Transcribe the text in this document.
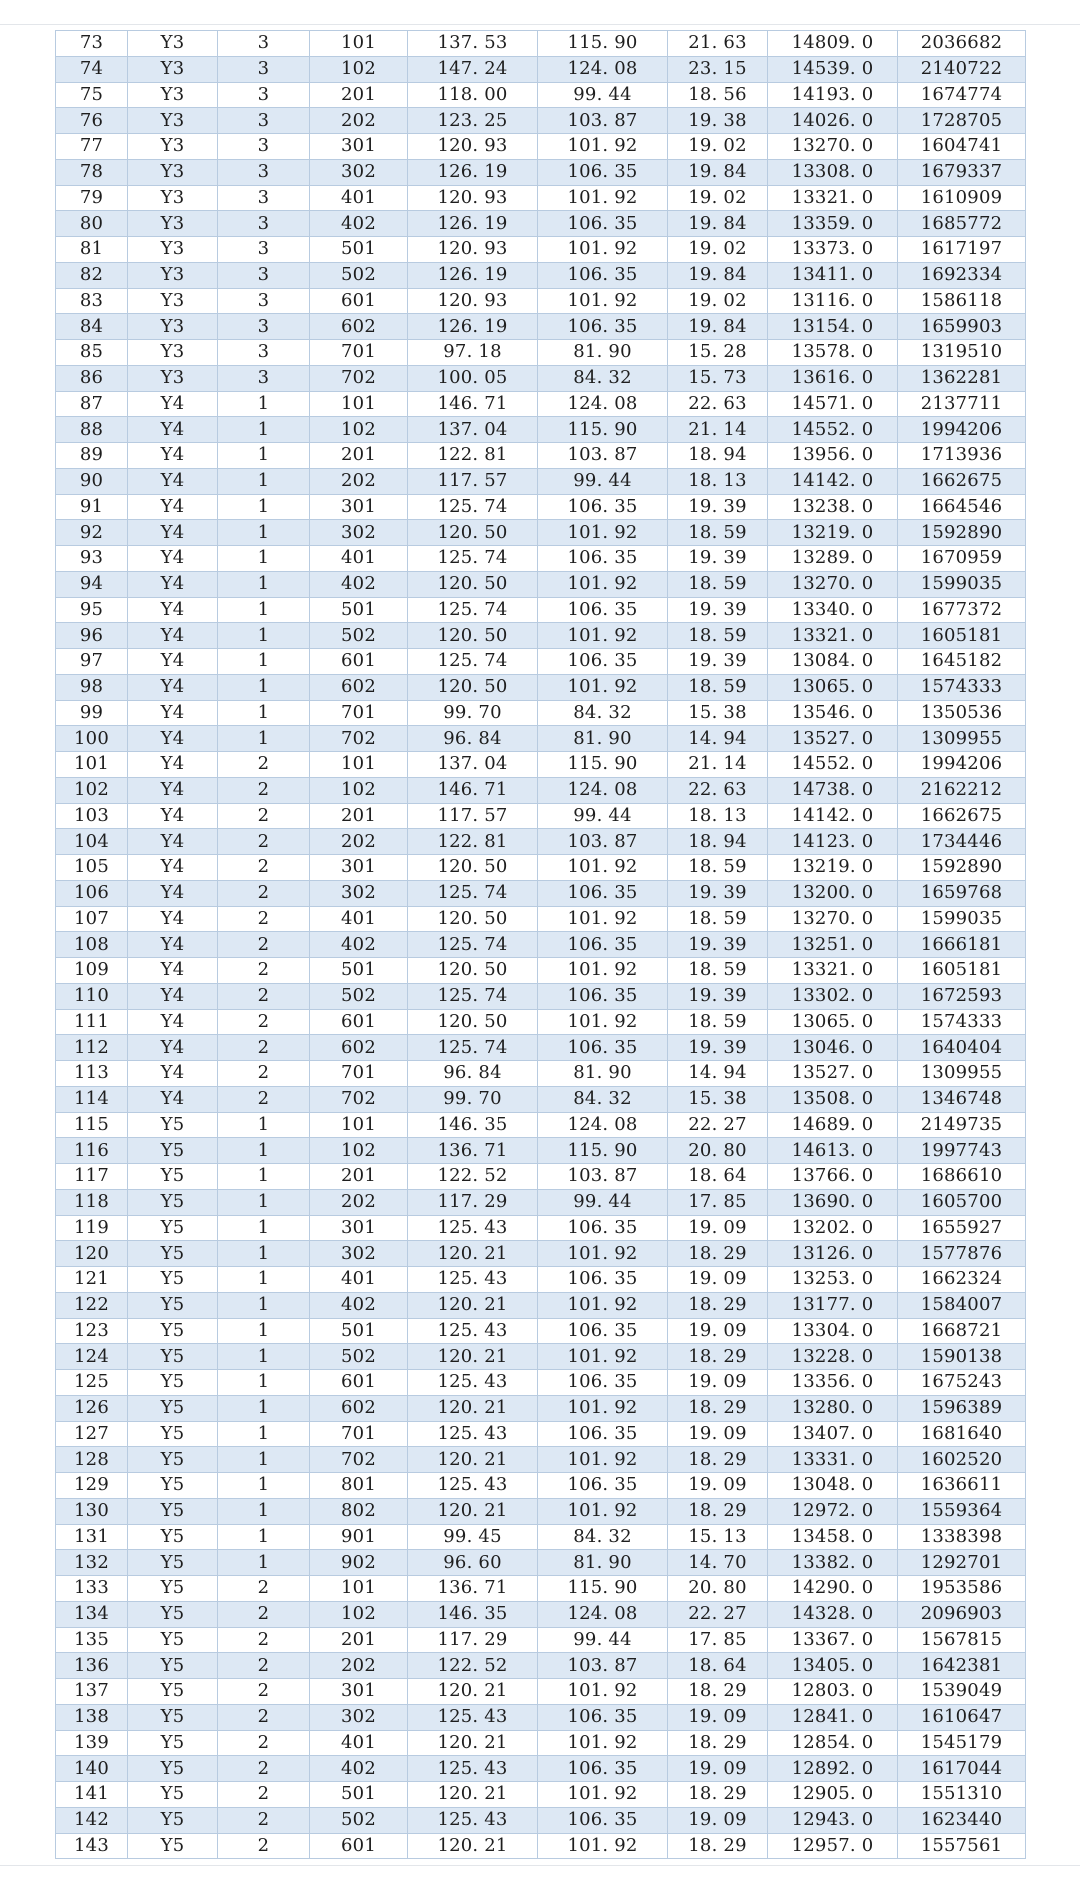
73	Y3	3	101	137. 53	115. 90	21. 63	14809. 0	2036682
74	Y3	3	102	147. 24	124. 08	23. 15	14539. 0	2140722
75	Y3	3	201	118. 00	99. 44	18. 56	14193. 0	1674774
76	Y3	3	202	123. 25	103. 87	19. 38	14026. 0	1728705
77	Y3	3	301	120. 93	101. 92	19. 02	13270. 0	1604741
78	Y3	3	302	126. 19	106. 35	19. 84	13308. 0	1679337
79	Y3	3	401	120. 93	101. 92	19. 02	13321. 0	1610909
80	Y3	3	402	126. 19	106. 35	19. 84	13359. 0	1685772
81	Y3	3	501	120. 93	101. 92	19. 02	13373. 0	1617197
82	Y3	3	502	126. 19	106. 35	19. 84	13411. 0	1692334
83	Y3	3	601	120. 93	101. 92	19. 02	13116. 0	1586118
84	Y3	3	602	126. 19	106. 35	19. 84	13154. 0	1659903
85	Y3	3	701	97. 18	81. 90	15. 28	13578. 0	1319510
86	Y3	3	702	100. 05	84. 32	15. 73	13616. 0	1362281
87	Y4	1	101	146. 71	124. 08	22. 63	14571. 0	2137711
88	Y4	1	102	137. 04	115. 90	21. 14	14552. 0	1994206
89	Y4	1	201	122. 81	103. 87	18. 94	13956. 0	1713936
90	Y4	1	202	117. 57	99. 44	18. 13	14142. 0	1662675
91	Y4	1	301	125. 74	106. 35	19. 39	13238. 0	1664546
92	Y4	1	302	120. 50	101. 92	18. 59	13219. 0	1592890
93	Y4	1	401	125. 74	106. 35	19. 39	13289. 0	1670959
94	Y4	1	402	120. 50	101. 92	18. 59	13270. 0	1599035
95	Y4	1	501	125. 74	106. 35	19. 39	13340. 0	1677372
96	Y4	1	502	120. 50	101. 92	18. 59	13321. 0	1605181
97	Y4	1	601	125. 74	106. 35	19. 39	13084. 0	1645182
98	Y4	1	602	120. 50	101. 92	18. 59	13065. 0	1574333
99	Y4	1	701	99. 70	84. 32	15. 38	13546. 0	1350536
100	Y4	1	702	96. 84	81. 90	14. 94	13527. 0	1309955
101	Y4	2	101	137. 04	115. 90	21. 14	14552. 0	1994206
102	Y4	2	102	146. 71	124. 08	22. 63	14738. 0	2162212
103	Y4	2	201	117. 57	99. 44	18. 13	14142. 0	1662675
104	Y4	2	202	122. 81	103. 87	18. 94	14123. 0	1734446
105	Y4	2	301	120. 50	101. 92	18. 59	13219. 0	1592890
106	Y4	2	302	125. 74	106. 35	19. 39	13200. 0	1659768
107	Y4	2	401	120. 50	101. 92	18. 59	13270. 0	1599035
108	Y4	2	402	125. 74	106. 35	19. 39	13251. 0	1666181
109	Y4	2	501	120. 50	101. 92	18. 59	13321. 0	1605181
110	Y4	2	502	125. 74	106. 35	19. 39	13302. 0	1672593
111	Y4	2	601	120. 50	101. 92	18. 59	13065. 0	1574333
112	Y4	2	602	125. 74	106. 35	19. 39	13046. 0	1640404
113	Y4	2	701	96. 84	81. 90	14. 94	13527. 0	1309955
114	Y4	2	702	99. 70	84. 32	15. 38	13508. 0	1346748
115	Y5	1	101	146. 35	124. 08	22. 27	14689. 0	2149735
116	Y5	1	102	136. 71	115. 90	20. 80	14613. 0	1997743
117	Y5	1	201	122. 52	103. 87	18. 64	13766. 0	1686610
118	Y5	1	202	117. 29	99. 44	17. 85	13690. 0	1605700
119	Y5	1	301	125. 43	106. 35	19. 09	13202. 0	1655927
120	Y5	1	302	120. 21	101. 92	18. 29	13126. 0	1577876
121	Y5	1	401	125. 43	106. 35	19. 09	13253. 0	1662324
122	Y5	1	402	120. 21	101. 92	18. 29	13177. 0	1584007
123	Y5	1	501	125. 43	106. 35	19. 09	13304. 0	1668721
124	Y5	1	502	120. 21	101. 92	18. 29	13228. 0	1590138
125	Y5	1	601	125. 43	106. 35	19. 09	13356. 0	1675243
126	Y5	1	602	120. 21	101. 92	18. 29	13280. 0	1596389
127	Y5	1	701	125. 43	106. 35	19. 09	13407. 0	1681640
128	Y5	1	702	120. 21	101. 92	18. 29	13331. 0	1602520
129	Y5	1	801	125. 43	106. 35	19. 09	13048. 0	1636611
130	Y5	1	802	120. 21	101. 92	18. 29	12972. 0	1559364
131	Y5	1	901	99. 45	84. 32	15. 13	13458. 0	1338398
132	Y5	1	902	96. 60	81. 90	14. 70	13382. 0	1292701
133	Y5	2	101	136. 71	115. 90	20. 80	14290. 0	1953586
134	Y5	2	102	146. 35	124. 08	22. 27	14328. 0	2096903
135	Y5	2	201	117. 29	99. 44	17. 85	13367. 0	1567815
136	Y5	2	202	122. 52	103. 87	18. 64	13405. 0	1642381
137	Y5	2	301	120. 21	101. 92	18. 29	12803. 0	1539049
138	Y5	2	302	125. 43	106. 35	19. 09	12841. 0	1610647
139	Y5	2	401	120. 21	101. 92	18. 29	12854. 0	1545179
140	Y5	2	402	125. 43	106. 35	19. 09	12892. 0	1617044
141	Y5	2	501	120. 21	101. 92	18. 29	12905. 0	1551310
142	Y5	2	502	125. 43	106. 35	19. 09	12943. 0	1623440
143	Y5	2	601	120. 21	101. 92	18. 29	12957. 0	1557561
